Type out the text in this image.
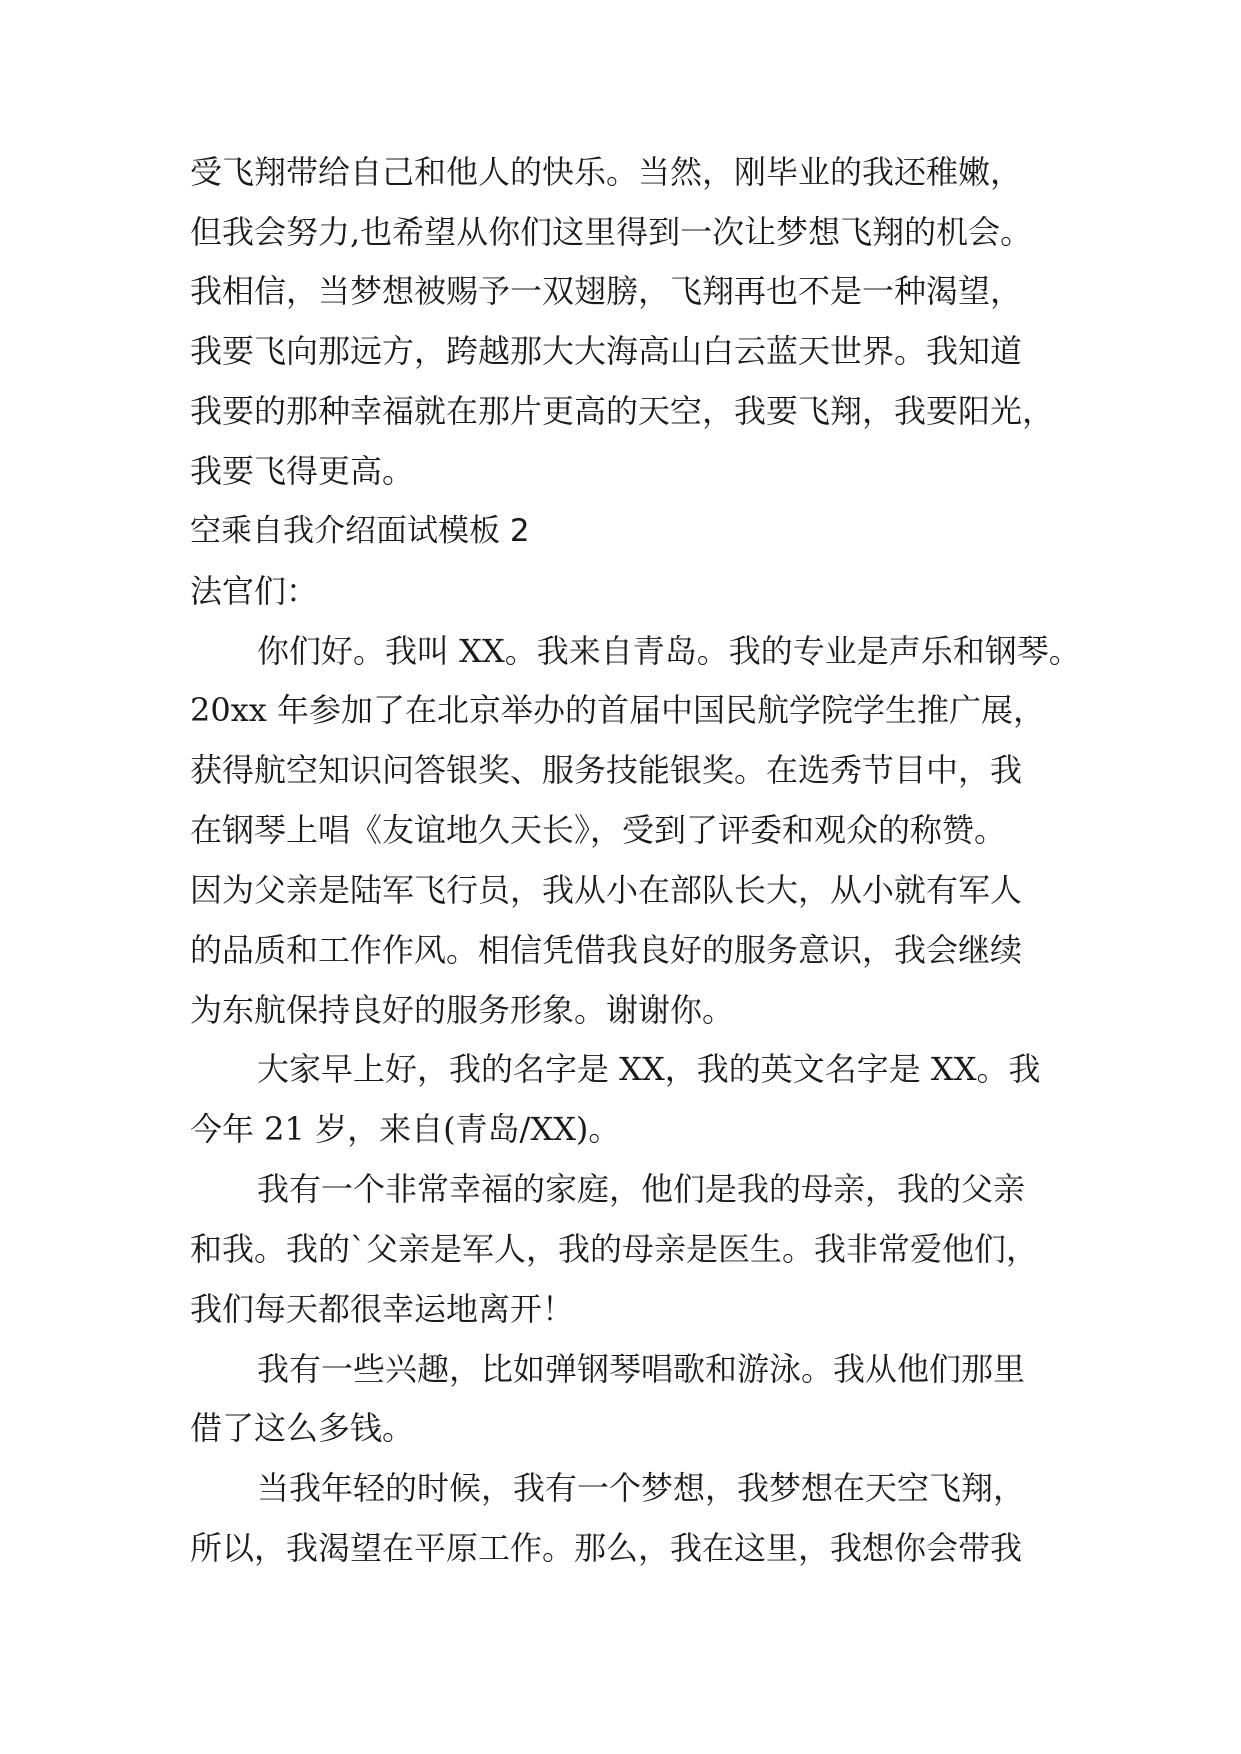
受飞翔带给自己和他人的快乐。当然，刚毕业的我还稚嫩，
但我会努力,也希望从你们这里得到一次让梦想飞翔的机会。
我相信，当梦想被赐予一双翅膀，飞翔再也不是一种渴望，
我要飞向那远方，跨越那大大海高山白云蓝天世界。我知道
我要的那种幸福就在那片更高的天空，我要飞翔，我要阳光，
我要飞得更高。
空乘自我介绍面试模板 2
法官们：
你们好。我叫 XX。我来自青岛。我的专业是声乐和钢琴。
20xx 年参加了在北京举办的首届中国民航学院学生推广展，
获得航空知识问答银奖、服务技能银奖。在选秀节目中，我
在钢琴上唱《友谊地久天长》，受到了评委和观众的称赞。
因为父亲是陆军飞行员，我从小在部队长大，从小就有军人
的品质和工作作风。相信凭借我良好的服务意识，我会继续
为东航保持良好的服务形象。谢谢你。
大家早上好，我的名字是 XX，我的英文名字是 XX。我
今年 21 岁，来自(青岛/XX)。
我有一个非常幸福的家庭，他们是我的母亲，我的父亲
和我。我的`父亲是军人，我的母亲是医生。我非常爱他们，
我们每天都很幸运地离开！
我有一些兴趣，比如弹钢琴唱歌和游泳。我从他们那里
借了这么多钱。
当我年轻的时候，我有一个梦想，我梦想在天空飞翔，
所以，我渴望在平原工作。那么，我在这里，我想你会带我
